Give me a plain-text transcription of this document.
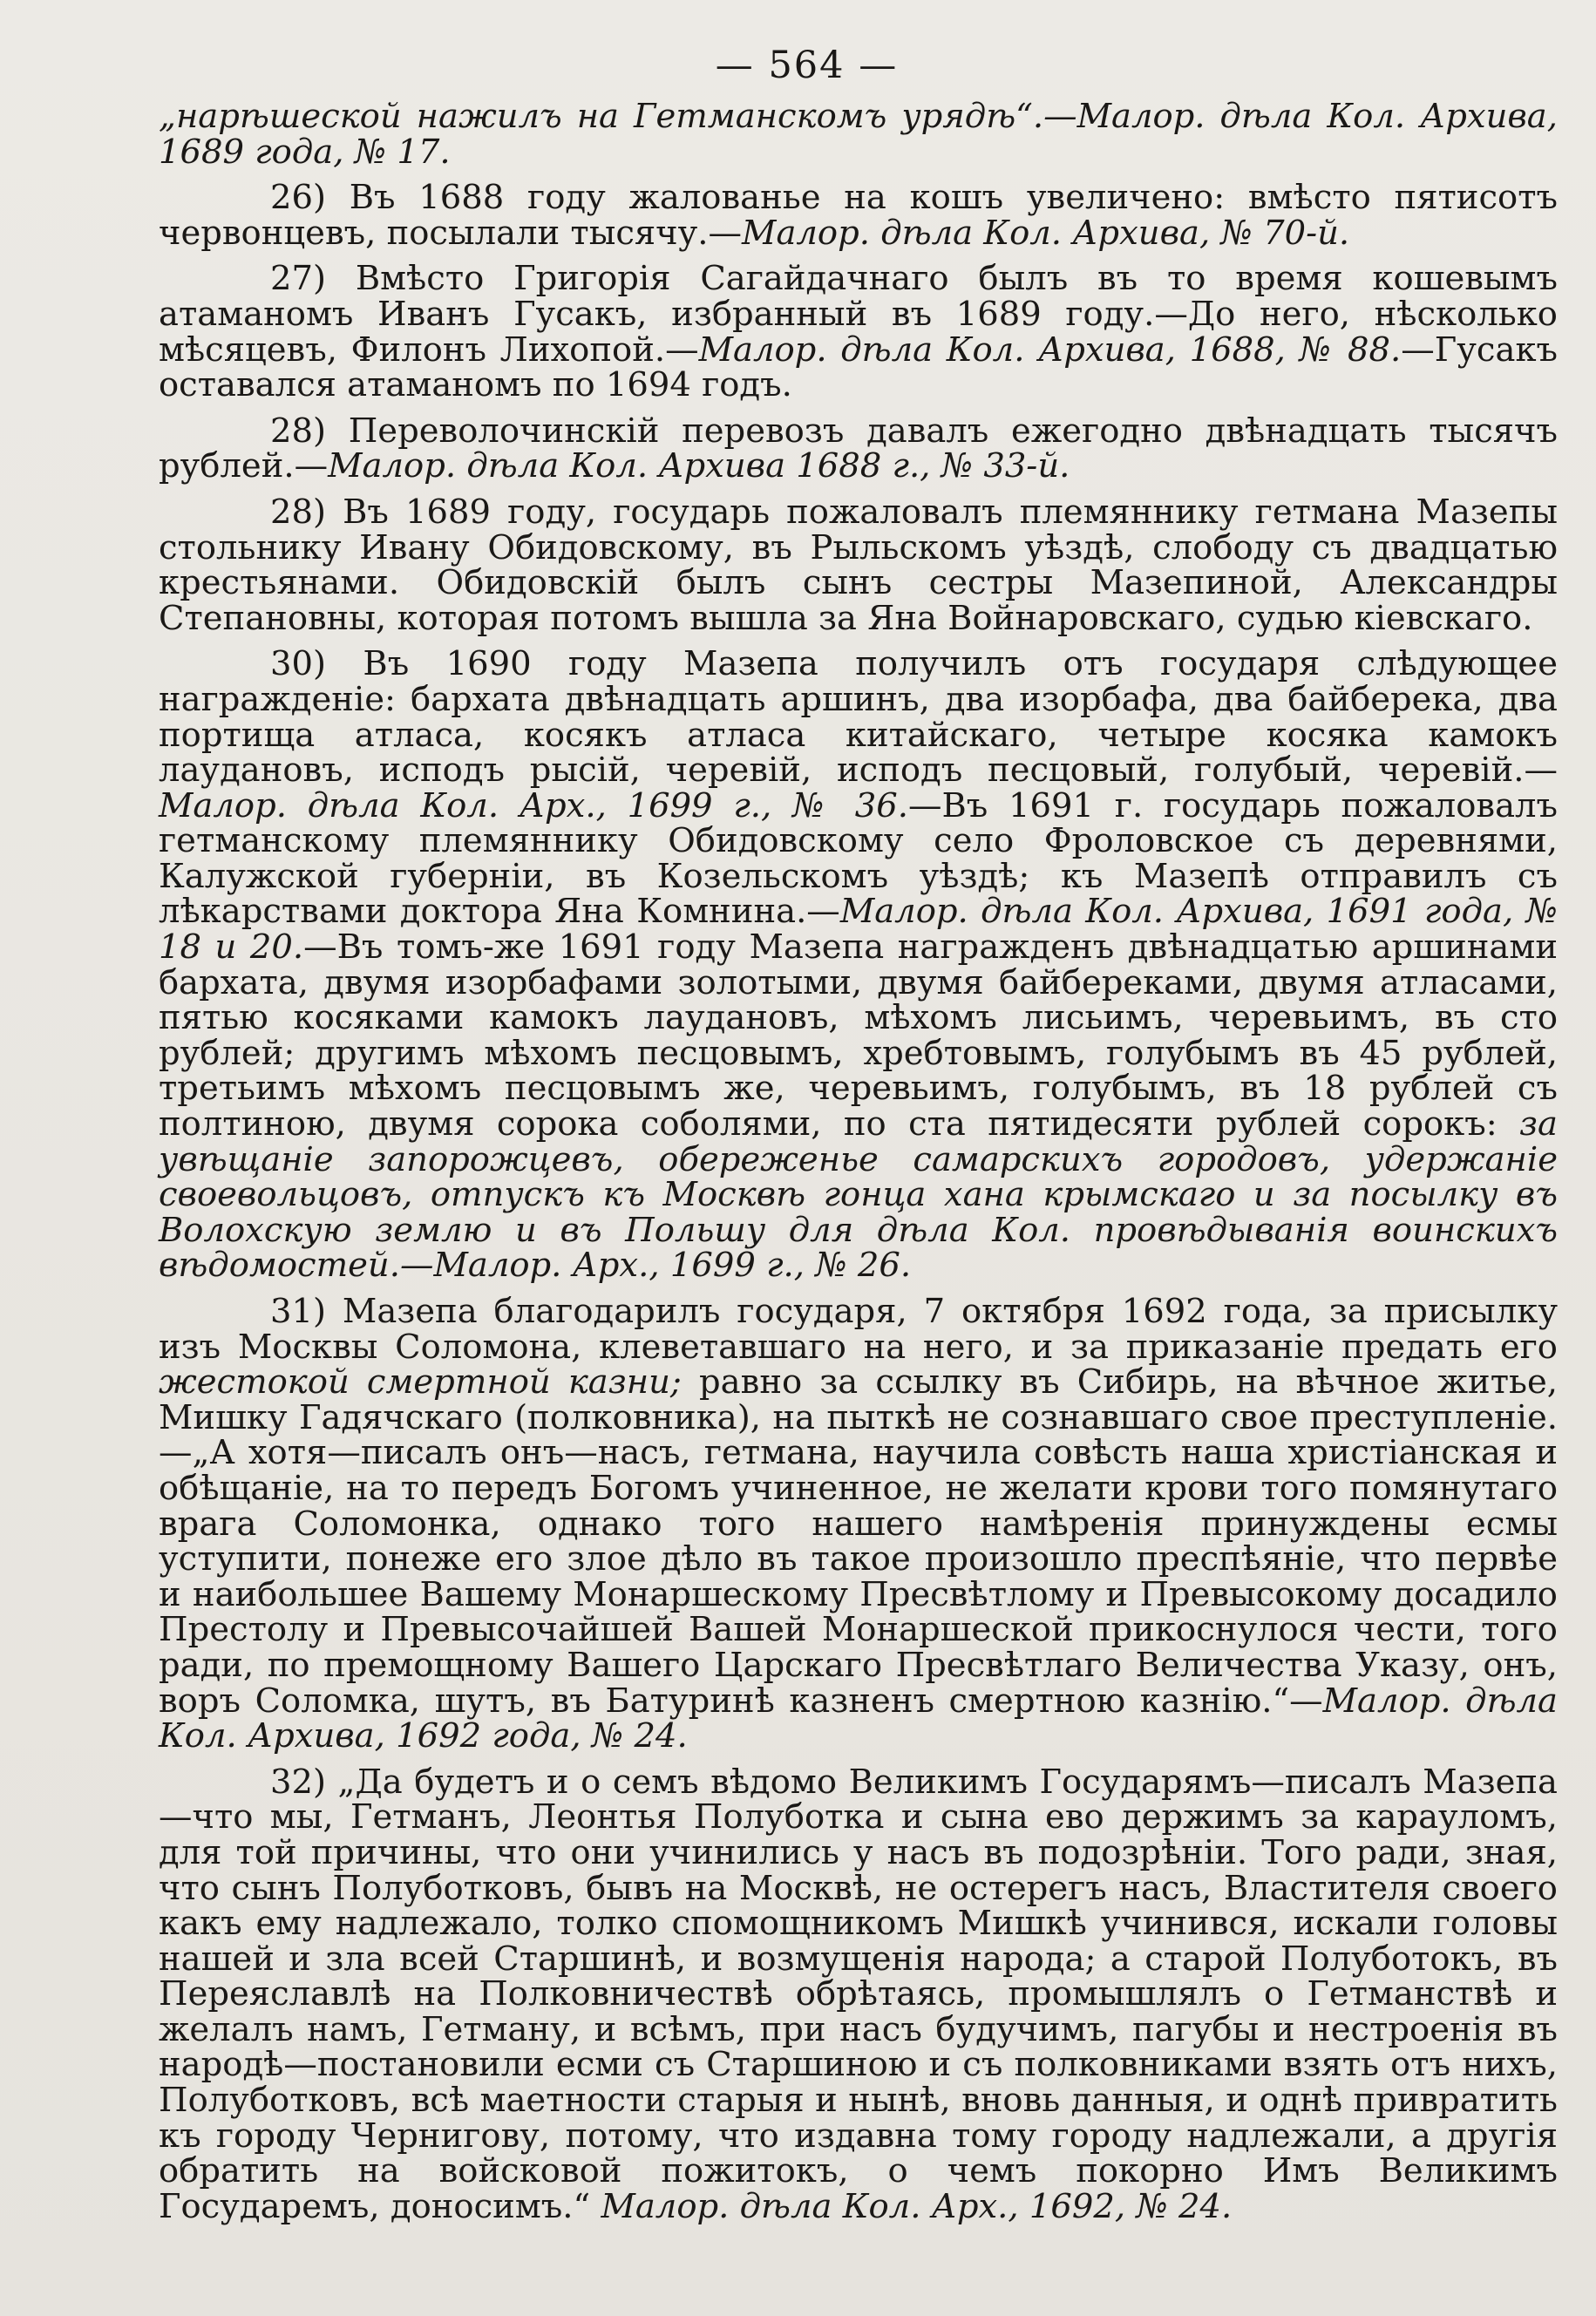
— 564 —

„нарѣшеской нажилъ на Гетманскомъ урядѣ“.—Малор. дѣла Кол. Архива, 1689 года, № 17.

26) Въ 1688 году жалованье на кошъ увеличено: вмѣсто пятисотъ червонцевъ, посылали тысячу.—Малор. дѣла Кол. Архива, № 70-й.

27) Вмѣсто Григорія Сагайдачнаго былъ въ то время кошевымъ атаманомъ Иванъ Гусакъ, избранный въ 1689 году.—До него, нѣсколько мѣсяцевъ, Филонъ Лихопой.—Малор. дѣла Кол. Архива, 1688, № 88.—Гусакъ оставался атаманомъ по 1694 годъ.

28) Переволочинскій перевозъ давалъ ежегодно двѣнадцать тысячъ рублей.—Малор. дѣла Кол. Архива 1688 г., № 33-й.

28) Въ 1689 году, государь пожаловалъ племяннику гетмана Мазепы стольнику Ивану Обидовскому, въ Рыльскомъ уѣздѣ, слободу съ двадцатью крестьянами. Обидовскій былъ сынъ сестры Мазепиной, Александры Степановны, которая потомъ вышла за Яна Войнаровскаго, судью кіевскаго.

30) Въ 1690 году Мазепа получилъ отъ государя слѣдующее награжденіе: бархата двѣнадцать аршинъ, два изорбафа, два байберека, два портища атласа, косякъ атласа китайскаго, четыре косяка камокъ лаудановъ, исподъ рысій, черевій, исподъ песцовый, голубый, черевій.—Малор. дѣла Кол. Арх., 1699 г., № 36.—Въ 1691 г. государь пожаловалъ гетманскому племяннику Обидовскому село Фроловское съ деревнями, Калужской губерніи, въ Козельскомъ уѣздѣ; къ Мазепѣ отправилъ съ лѣкарствами доктора Яна Комнина.—Малор. дѣла Кол. Архива, 1691 года, № 18 и 20.—Въ томъ-же 1691 году Мазепа награжденъ двѣнадцатью аршинами бархата, двумя изорбафами золотыми, двумя байбереками, двумя атласами, пятью косяками камокъ лаудановъ, мѣхомъ лисьимъ, черевьимъ, въ сто рублей; другимъ мѣхомъ песцовымъ, хребтовымъ, голубымъ въ 45 рублей, третьимъ мѣхомъ песцовымъ же, черевьимъ, голубымъ, въ 18 рублей съ полтиною, двумя сорока соболями, по ста пятидесяти рублей сорокъ: за увѣщаніе запорожцевъ, обереженье самарскихъ городовъ, удержаніе своевольцовъ, отпускъ къ Москвѣ гонца хана крымскаго и за посылку въ Волохскую землю и въ Польшу для дѣла Кол. провѣдыванія воинскихъ вѣдомостей.—Малор. Арх., 1699 г., № 26.

31) Мазепа благодарилъ государя, 7 октября 1692 года, за присылку изъ Москвы Соломона, клеветавшаго на него, и за приказаніе предать его жестокой смертной казни; равно за ссылку въ Сибирь, на вѣчное житье, Мишку Гадячскаго (полковника), на пыткѣ не сознавшаго свое преступленіе.—„А хотя—писалъ онъ—насъ, гетмана, научила совѣсть наша христіанская и обѣщаніе, на то передъ Богомъ учиненное, не желати крови того помянутаго врага Соломонка, однако того нашего намѣренія принуждены есмы уступити, понеже его злое дѣло въ такое произошло преспѣяніе, что первѣе и наибольшее Вашему Монаршескому Пресвѣтлому и Превысокому досадило Престолу и Превысочайшей Вашей Монаршеской прикоснулося чести, того ради, по премощному Вашего Царскаго Пресвѣтлаго Величества Указу, онъ, воръ Соломка, шутъ, въ Батуринѣ казненъ смертною казнію.“—Малор. дѣла Кол. Архива, 1692 года, № 24.

32) „Да будетъ и о семъ вѣдомо Великимъ Государямъ—писалъ Мазепа—что мы, Гетманъ, Леонтья Полуботка и сына ево держимъ за карауломъ, для той причины, что они учинились у насъ въ подозрѣніи. Того ради, зная, что сынъ Полуботковъ, бывъ на Москвѣ, не остерегъ насъ, Властителя своего какъ ему надлежало, толко спомощникомъ Мишкѣ учинився, искали головы нашей и зла всей Старшинѣ, и возмущенія народа; а старой Полуботокъ, въ Переяславлѣ на Полковничествѣ обрѣтаясь, промышлялъ о Гетманствѣ и желалъ намъ, Гетману, и всѣмъ, при насъ будучимъ, пагубы и нестроенія въ народѣ—постановили есми съ Старшиною и съ полковниками взять отъ нихъ, Полуботковъ, всѣ маетности старыя и нынѣ, вновь данныя, и однѣ привратить къ городу Чернигову, потому, что издавна тому городу надлежали, а другія обратить на войсковой пожитокъ, о чемъ покорно Имъ Великимъ Государемъ, доносимъ.“ Малор. дѣла Кол. Арх., 1692, № 24.
